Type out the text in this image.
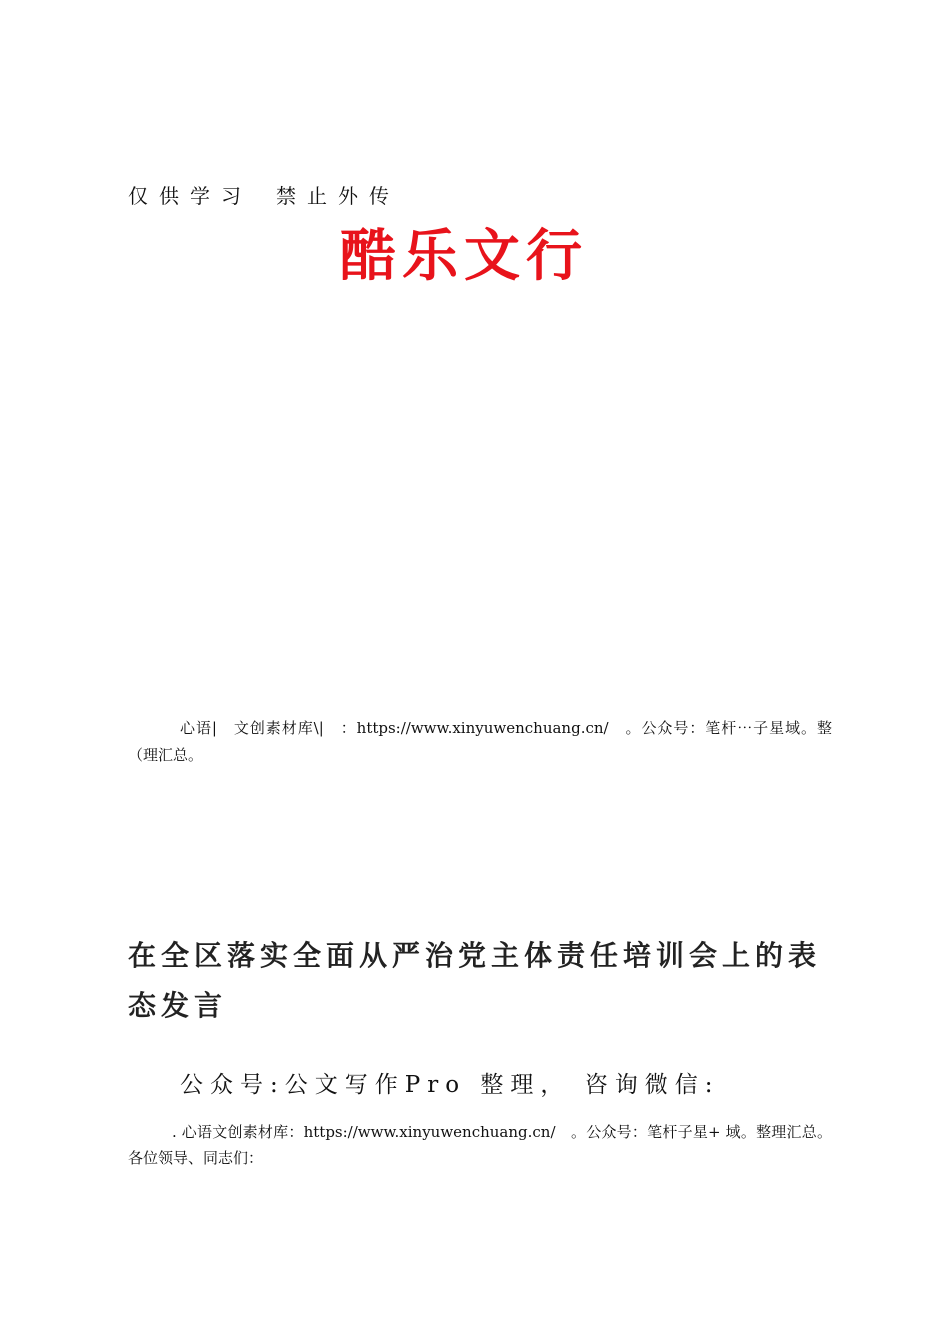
仅供学习 禁止外传
酷乐文行

心语|　文创素材库\|　：https://www.xinyuwenchuang.cn/　。公众号：笔杆⋯子星域。整（理汇总。

在全区落实全面从严治党主体责任培训会上的表态发言
公众号:公文写作Pro 整理， 咨询微信:

. 心语文创素材库：https://www.xinyuwenchuang.cn/　。公众号：笔杆子星+ 域。整理汇总。各位领导、同志们：
